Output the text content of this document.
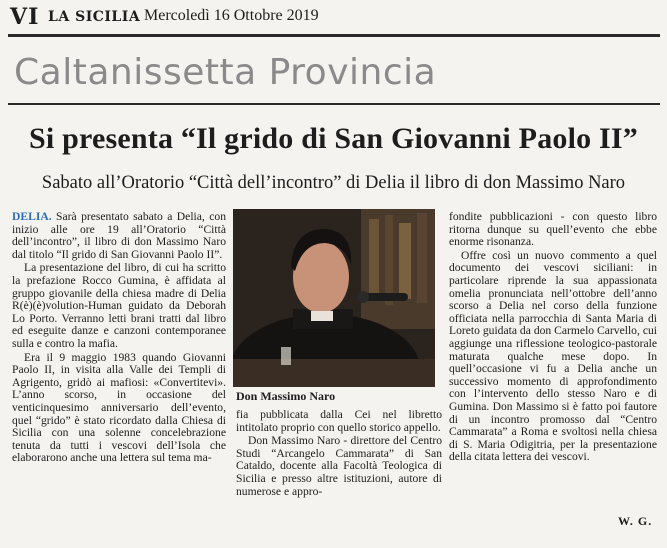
VI LA SICILIA Mercoledì 16 Ottobre 2019
Caltanissetta Provincia
Si presenta “Il grido di San Giovanni Paolo II”
Sabato all’Oratorio “Città dell’incontro” di Delia il libro di don Massimo Naro

DELIA. Sarà presentato sabato a Delia, con inizio alle ore 19 all’Oratorio “Città dell’incontro”, il libro di don Massimo Naro dal titolo “Il grido di San Giovanni Paolo II”.

La presentazione del libro, di cui ha scritto la prefazione Rocco Gumina, è affidata al gruppo giovanile della chiesa madre di Delia R(è)(è)volution-Human guidato da Deborah Lo Porto. Verranno letti brani tratti dal libro ed eseguite danze e canzoni contemporanee sulla e contro la mafia.

Era il 9 maggio 1983 quando Giovanni Paolo II, in visita alla Valle dei Templi di Agrigento, gridò ai mafiosi: «Convertitevi». L’anno scorso, in occasione del venticinquesimo anniversario dell’evento, quel “grido” è stato ricordato dalla Chiesa di Sicilia con una solenne concelebrazione tenuta da tutti i vescovi dell’Isola che elaborarono anche una lettera sul tema ma-

Don Massimo Naro

fia pubblicata dalla Cei nel libretto intitolato proprio con quello storico appello.

Don Massimo Naro - direttore del Centro Studi “Arcangelo Cammarata” di San Cataldo, docente alla Facoltà Teologica di Sicilia e presso altre istituzioni, autore di numerose e appro-

fondite pubblicazioni - con questo libro ritorna dunque su quell’evento che ebbe enorme risonanza.

Offre così un nuovo commento a quel documento dei vescovi siciliani: in particolare riprende la sua appassionata omelia pronunciata nell’ottobre dell’anno scorso a Delia nel corso della funzione officiata nella parrocchia di Santa Maria di Loreto guidata da don Carmelo Carvello, cui aggiunge una riflessione teologico-pastorale maturata qualche mese dopo. In quell’occasione vi fu a Delia anche un successivo momento di approfondimento con l’intervento dello stesso Naro e di Gumina. Don Massimo si è fatto poi fautore di un incontro promosso dal “Centro Cammarata” a Roma e svoltosi nella chiesa di S. Maria Odigitria, per la presentazione della citata lettera dei vescovi.

W. G.
